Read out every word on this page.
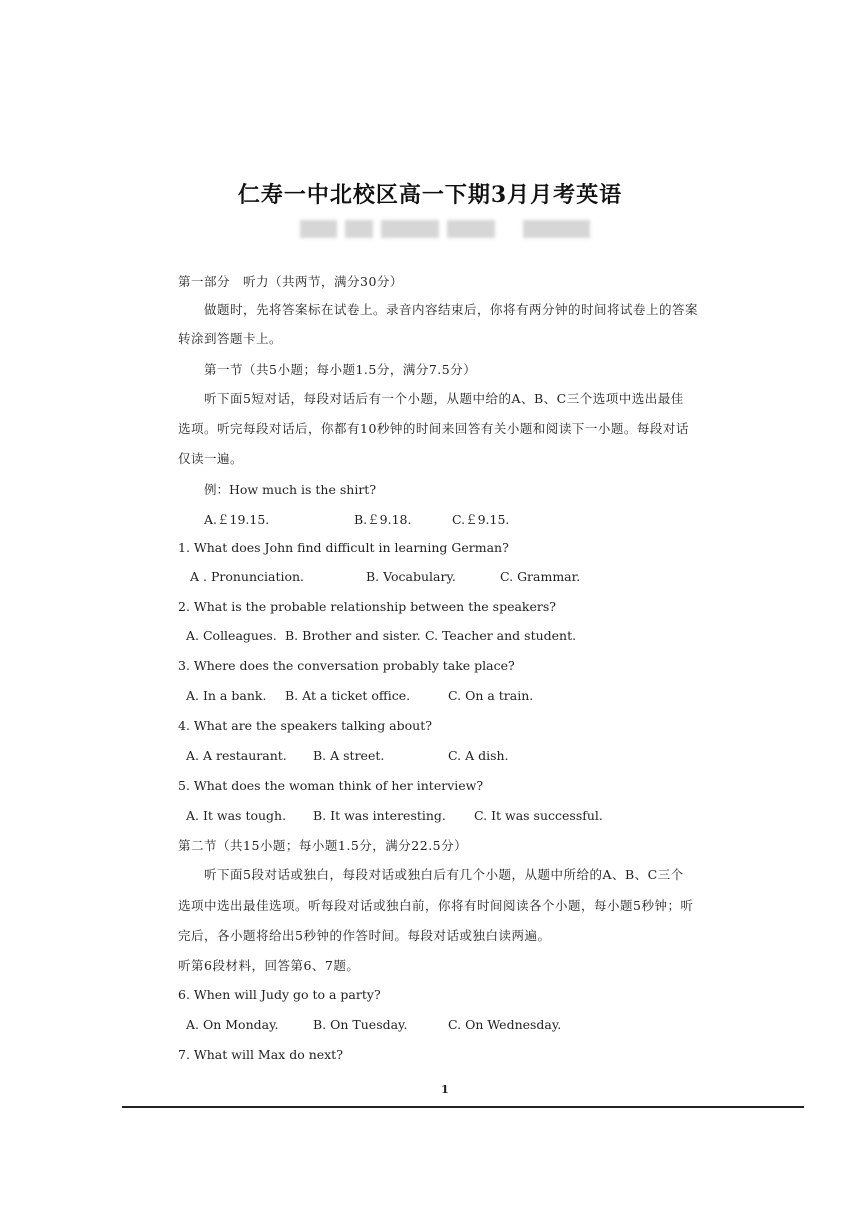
仁寿一中北校区高一下期3月月考英语
第一部分　听力（共两节，满分30分）
做题时，先将答案标在试卷上。录音内容结束后，你将有两分钟的时间将试卷上的答案
转涂到答题卡上。
第一节（共5小题；每小题1.5分，满分7.5分）
听下面5短对话，每段对话后有一个小题，从题中给的A、B、C三个选项中选出最佳
选项。听完每段对话后，你都有10秒钟的时间来回答有关小题和阅读下一小题。每段对话
仅读一遍。
例：How much is the shirt?
A.￡19.15.	B.￡9.18.	C.￡9.15.
1. What does John find difficult in learning German?
A . Pronunciation.	B. Vocabulary.	C. Grammar.
2. What is the probable relationship between the speakers?
A. Colleagues. B. Brother and sister. C. Teacher and student.
3. Where does the conversation probably take place?
A. In a bank. B. At a ticket office.	C. On a train.
4. What are the speakers talking about?
A. A restaurant. B. A street.	C. A dish.
5. What does the woman think of her interview?
A. It was tough. B. It was interesting. C. It was successful.
第二节（共15小题；每小题1.5分，满分22.5分）
听下面5段对话或独白，每段对话或独白后有几个小题，从题中所给的A、B、C三个
选项中选出最佳选项。听每段对话或独白前，你将有时间阅读各个小题，每小题5秒钟；听
完后，各小题将给出5秒钟的作答时间。每段对话或独白读两遍。
听第6段材料，回答第6、7题。
6. When will Judy go to a party?
A. On Monday.	B. On Tuesday.	C. On Wednesday.
7. What will Max do next?
1
